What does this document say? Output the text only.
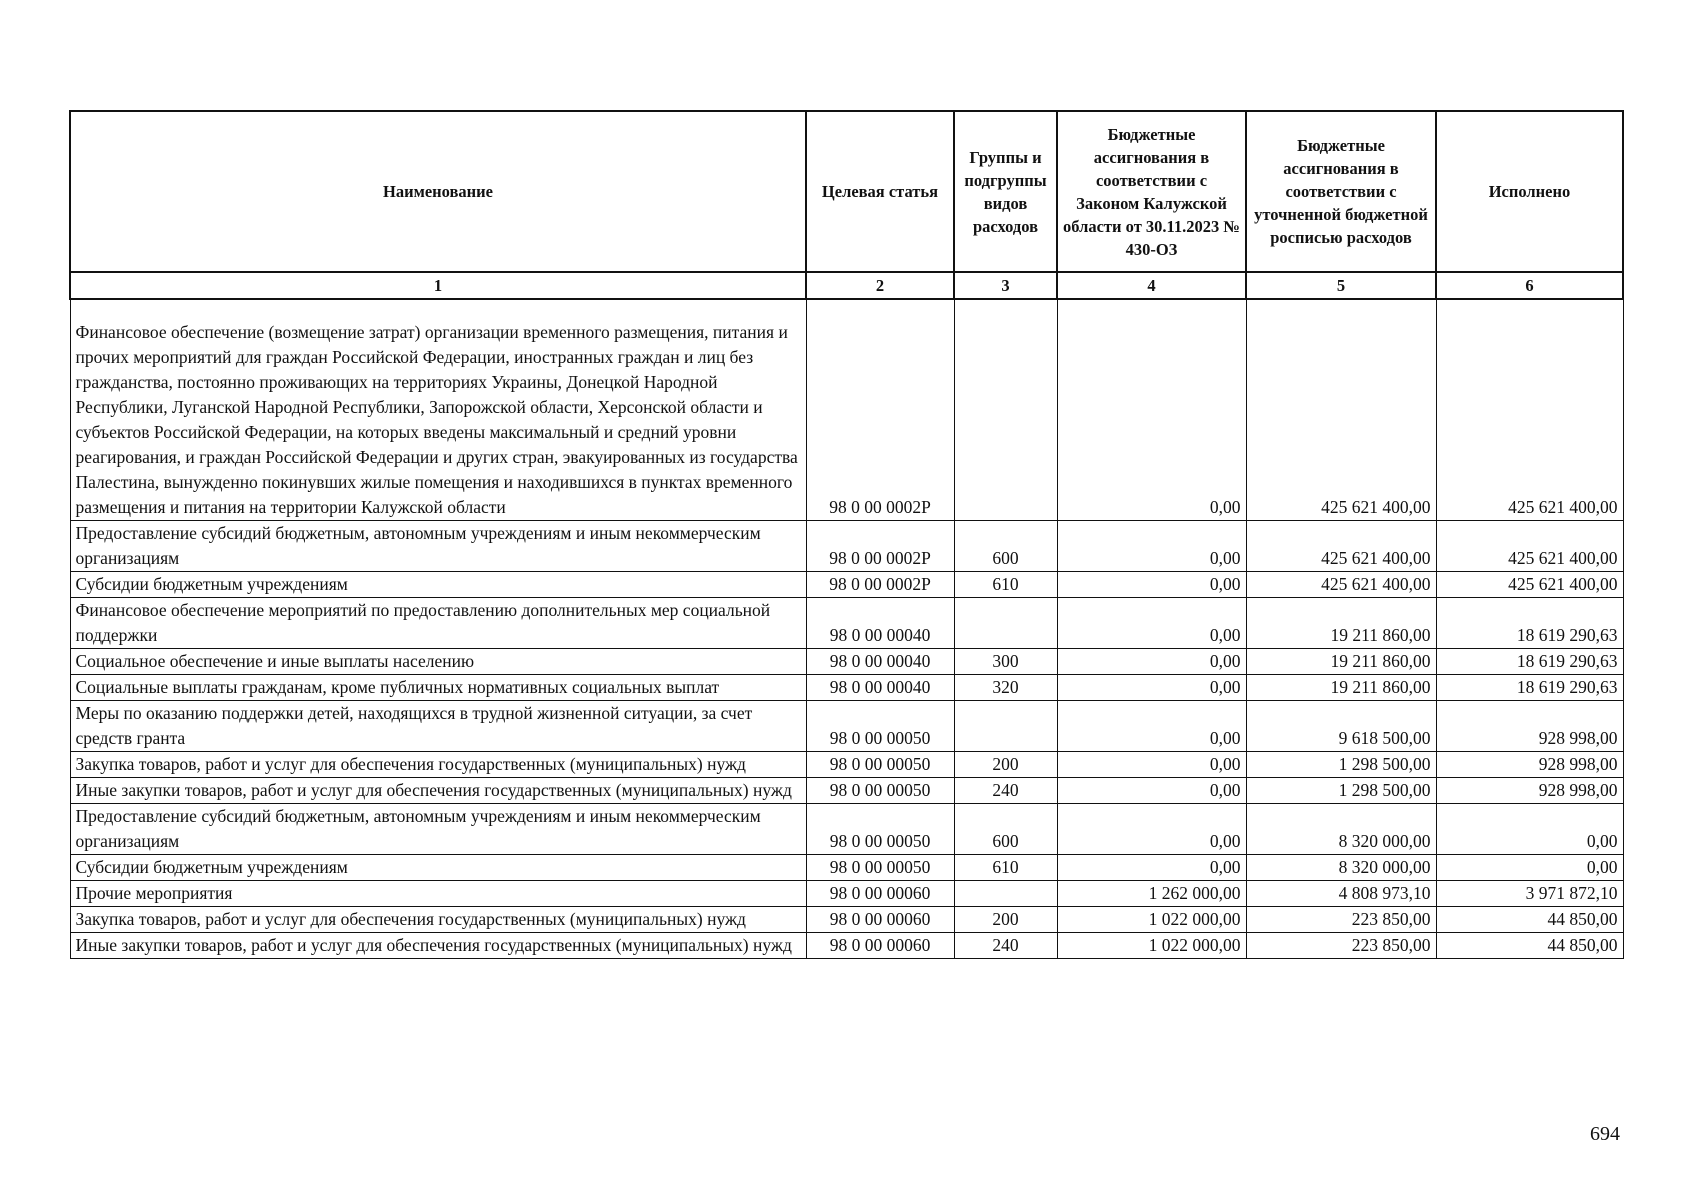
Наименование	Целевая статья	Группы и подгруппы видов расходов	Бюджетные ассигнования в соответствии с Законом Калужской области от 30.11.2023 № 430-ОЗ	Бюджетные ассигнования в соответствии с уточненной бюджетной росписью расходов	Исполнено
1	2	3	4	5	6
Финансовое обеспечение (возмещение затрат) организации временного размещения, питания и прочих мероприятий для граждан Российской Федерации, иностранных граждан и лиц без гражданства, постоянно проживающих на территориях Украины, Донецкой Народной Республики, Луганской Народной Республики, Запорожской области, Херсонской области и субъектов Российской Федерации, на которых введены максимальный и средний уровни реагирования, и граждан Российской Федерации и других стран, эвакуированных из государства Палестина, вынужденно покинувших жилые помещения и находившихся в пунктах временного размещения и питания на территории Калужской области	98 0 00 0002Р		0,00	425 621 400,00	425 621 400,00
Предоставление субсидий бюджетным, автономным учреждениям и иным некоммерческим организациям	98 0 00 0002Р	600	0,00	425 621 400,00	425 621 400,00
Субсидии бюджетным учреждениям	98 0 00 0002Р	610	0,00	425 621 400,00	425 621 400,00
Финансовое обеспечение мероприятий по предоставлению дополнительных мер социальной поддержки	98 0 00 00040		0,00	19 211 860,00	18 619 290,63
Социальное обеспечение и иные выплаты населению	98 0 00 00040	300	0,00	19 211 860,00	18 619 290,63
Социальные выплаты гражданам, кроме публичных нормативных социальных выплат	98 0 00 00040	320	0,00	19 211 860,00	18 619 290,63
Меры по оказанию поддержки детей, находящихся в трудной жизненной ситуации, за счет средств гранта	98 0 00 00050		0,00	9 618 500,00	928 998,00
Закупка товаров, работ и услуг для обеспечения государственных (муниципальных) нужд	98 0 00 00050	200	0,00	1 298 500,00	928 998,00
Иные закупки товаров, работ и услуг для обеспечения государственных (муниципальных) нужд	98 0 00 00050	240	0,00	1 298 500,00	928 998,00
Предоставление субсидий бюджетным, автономным учреждениям и иным некоммерческим организациям	98 0 00 00050	600	0,00	8 320 000,00	0,00
Субсидии бюджетным учреждениям	98 0 00 00050	610	0,00	8 320 000,00	0,00
Прочие мероприятия	98 0 00 00060		1 262 000,00	4 808 973,10	3 971 872,10
Закупка товаров, работ и услуг для обеспечения государственных (муниципальных) нужд	98 0 00 00060	200	1 022 000,00	223 850,00	44 850,00
Иные закупки товаров, работ и услуг для обеспечения государственных (муниципальных) нужд	98 0 00 00060	240	1 022 000,00	223 850,00	44 850,00
694
